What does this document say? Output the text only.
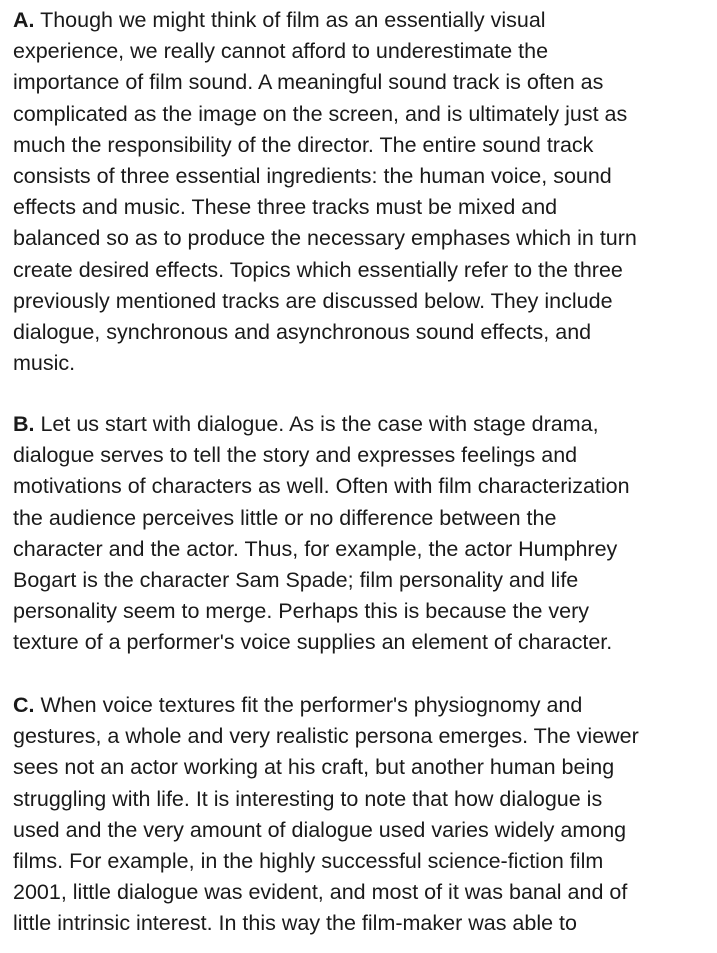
A. Though we might think of film as an essentially visual
experience, we really cannot afford to underestimate the
importance of film sound. A meaningful sound track is often as
complicated as the image on the screen, and is ultimately just as
much the responsibility of the director. The entire sound track
consists of three essential ingredients: the human voice, sound
effects and music. These three tracks must be mixed and
balanced so as to produce the necessary emphases which in turn
create desired effects. Topics which essentially refer to the three
previously mentioned tracks are discussed below. They include
dialogue, synchronous and asynchronous sound effects, and
music.
B. Let us start with dialogue. As is the case with stage drama,
dialogue serves to tell the story and expresses feelings and
motivations of characters as well. Often with film characterization
the audience perceives little or no difference between the
character and the actor. Thus, for example, the actor Humphrey
Bogart is the character Sam Spade; film personality and life
personality seem to merge. Perhaps this is because the very
texture of a performer's voice supplies an element of character.
C. When voice textures fit the performer's physiognomy and
gestures, a whole and very realistic persona emerges. The viewer
sees not an actor working at his craft, but another human being
struggling with life. It is interesting to note that how dialogue is
used and the very amount of dialogue used varies widely among
films. For example, in the highly successful science-fiction film
2001, little dialogue was evident, and most of it was banal and of
little intrinsic interest. In this way the film-maker was able to
